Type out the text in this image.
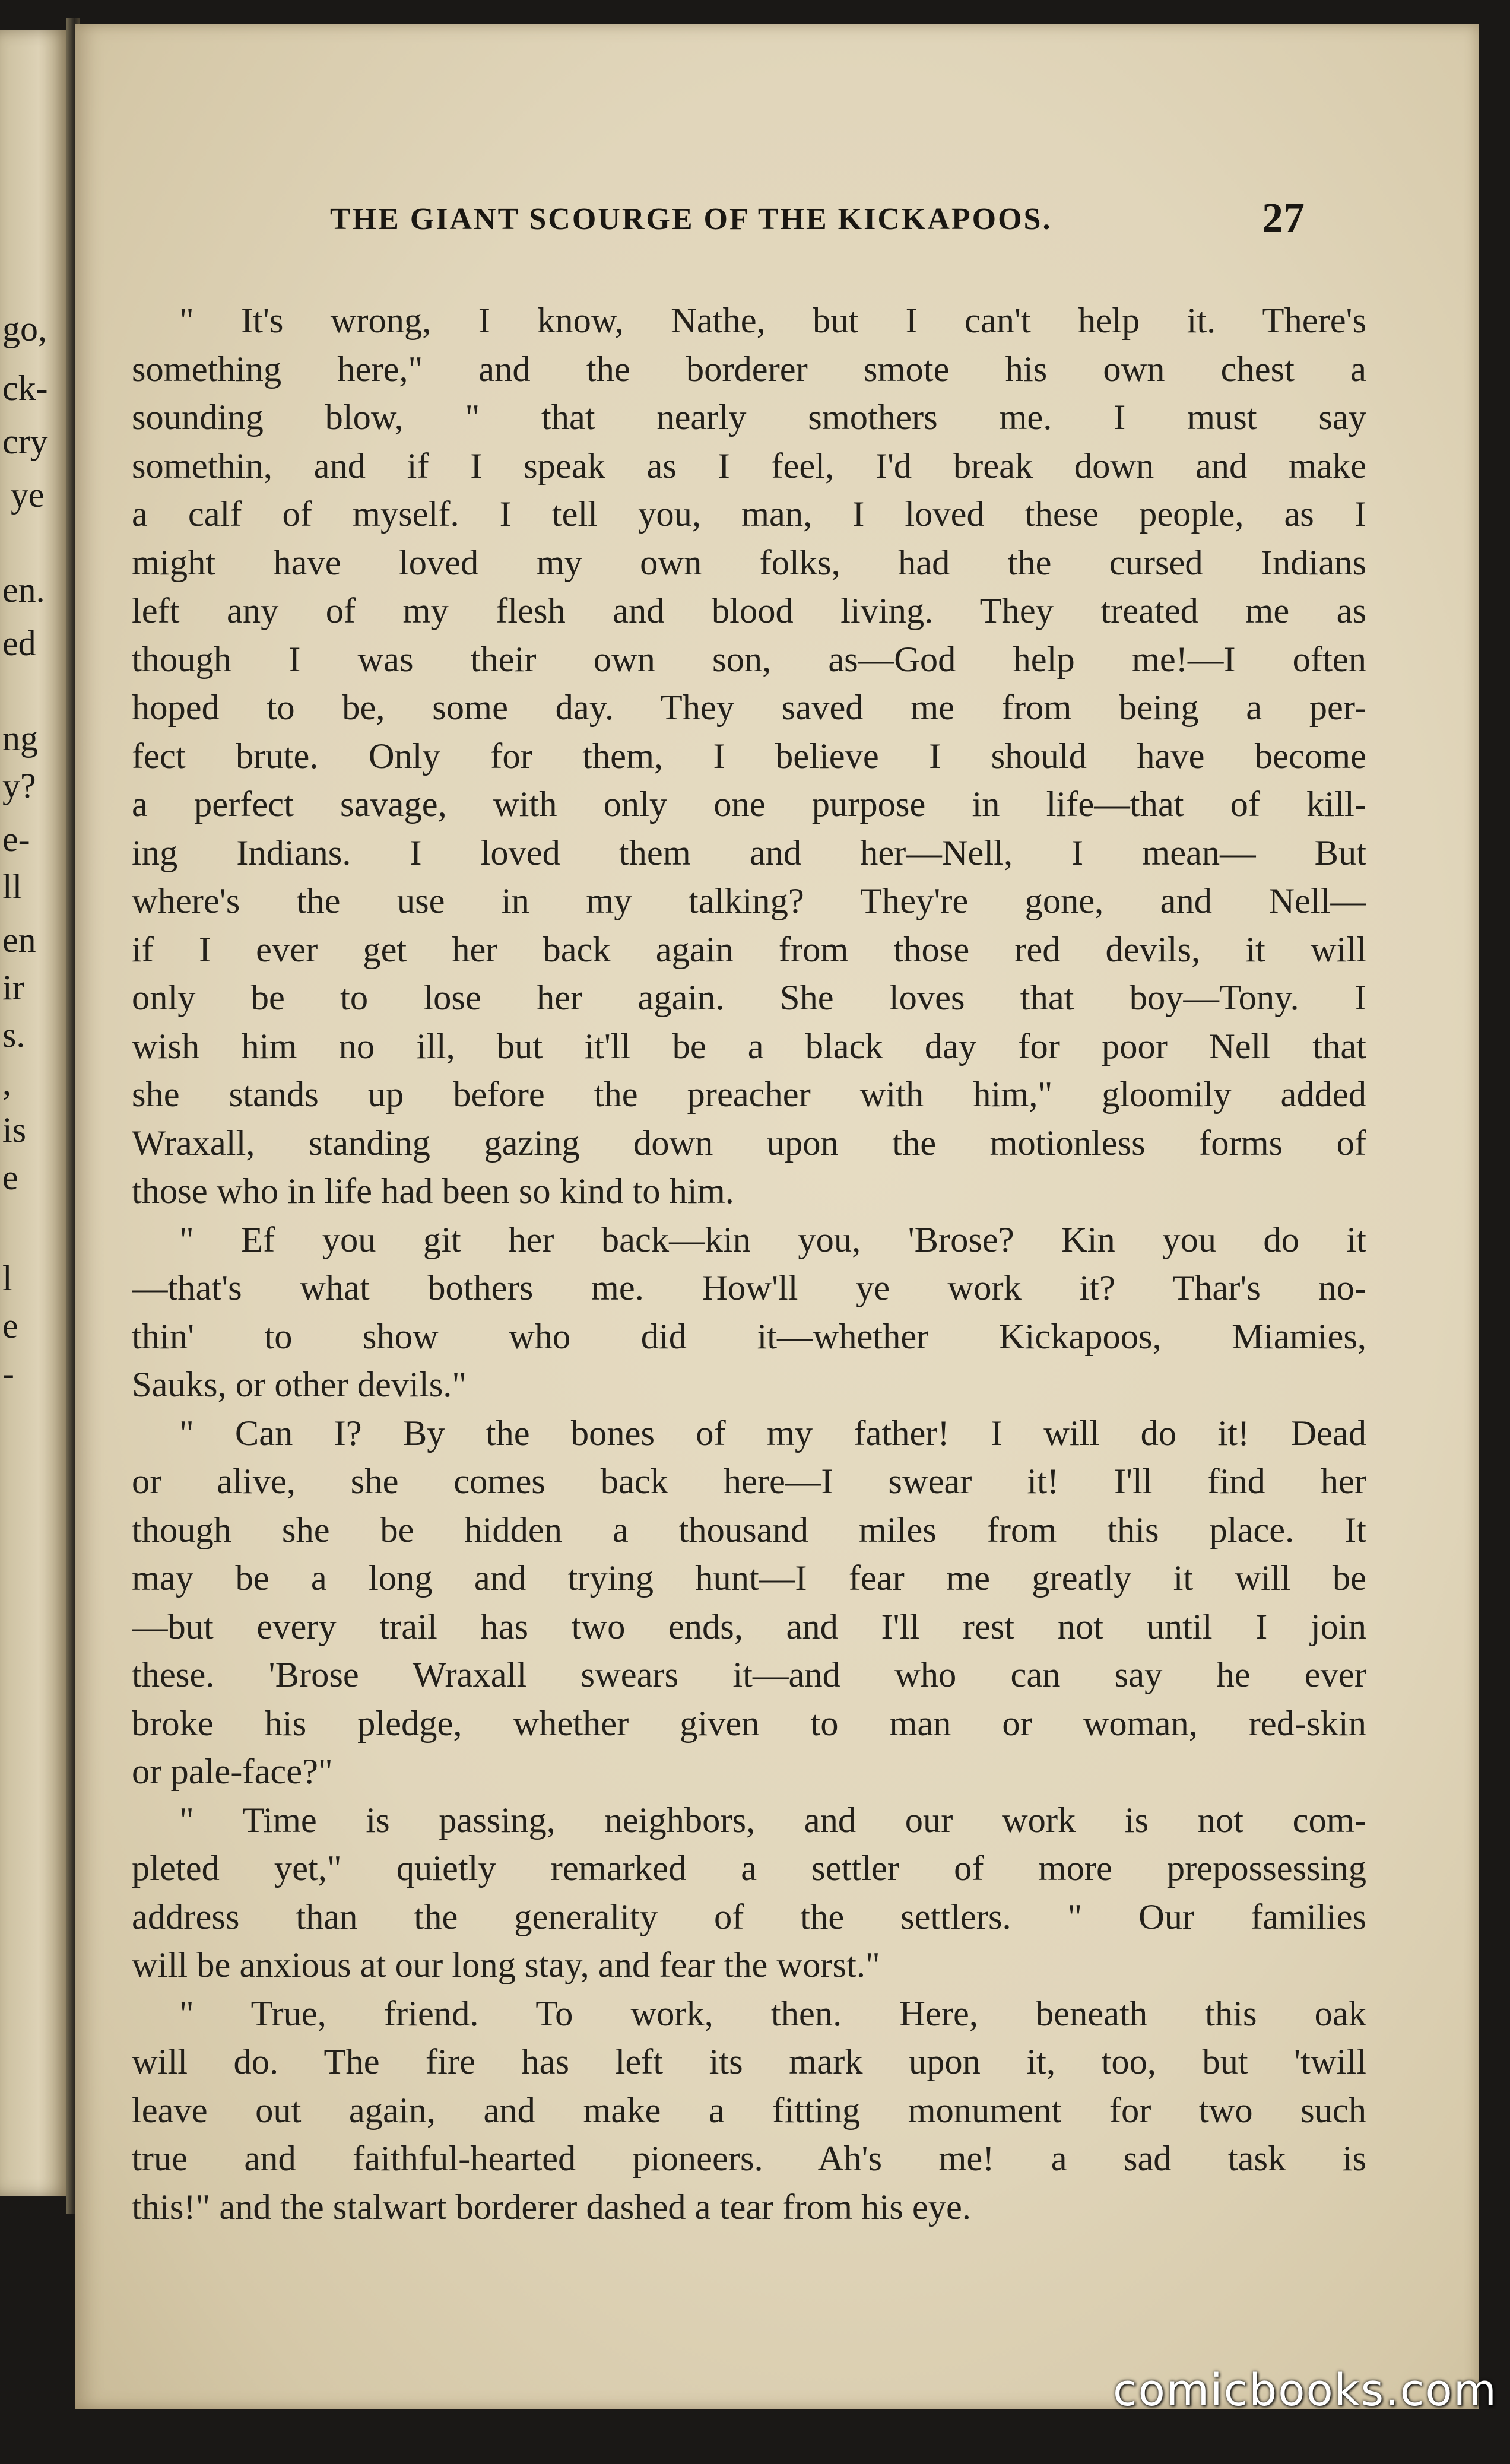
go,
ck-
cry
ye
en.
ed
ng
y?
e-
ll
en
ir
s.
,
is
e
l
e
-
THE GIANT SCOURGE OF THE KICKAPOOS.	27
" It's wrong, I know, Nathe, but I can't help it. There's
something here," and the borderer smote his own chest a
sounding blow, " that nearly smothers me. I must say
somethin, and if I speak as I feel, I'd break down and make
a calf of myself. I tell you, man, I loved these people, as I
might have loved my own folks, had the cursed Indians
left any of my flesh and blood living. They treated me as
though I was their own son, as—God help me!—I often
hoped to be, some day. They saved me from being a per-
fect brute. Only for them, I believe I should have become
a perfect savage, with only one purpose in life—that of kill-
ing Indians. I loved them and her—Nell, I mean— But
where's the use in my talking? They're gone, and Nell—
if I ever get her back again from those red devils, it will
only be to lose her again. She loves that boy—Tony. I
wish him no ill, but it'll be a black day for poor Nell that
she stands up before the preacher with him," gloomily added
Wraxall, standing gazing down upon the motionless forms of
those who in life had been so kind to him.
" Ef you git her back—kin you, 'Brose? Kin you do it
—that's what bothers me. How'll ye work it? Thar's no-
thin' to show who did it—whether Kickapoos, Miamies,
Sauks, or other devils."
" Can I? By the bones of my father! I will do it! Dead
or alive, she comes back here—I swear it! I'll find her
though she be hidden a thousand miles from this place. It
may be a long and trying hunt—I fear me greatly it will be
—but every trail has two ends, and I'll rest not until I join
these. 'Brose Wraxall swears it—and who can say he ever
broke his pledge, whether given to man or woman, red-skin
or pale-face?"
" Time is passing, neighbors, and our work is not com-
pleted yet," quietly remarked a settler of more prepossessing
address than the generality of the settlers. " Our families
will be anxious at our long stay, and fear the worst."
" True, friend. To work, then. Here, beneath this oak
will do. The fire has left its mark upon it, too, but 'twill
leave out again, and make a fitting monument for two such
true and faithful-hearted pioneers. Ah's me! a sad task is
this!" and the stalwart borderer dashed a tear from his eye.
comicbooks.com
